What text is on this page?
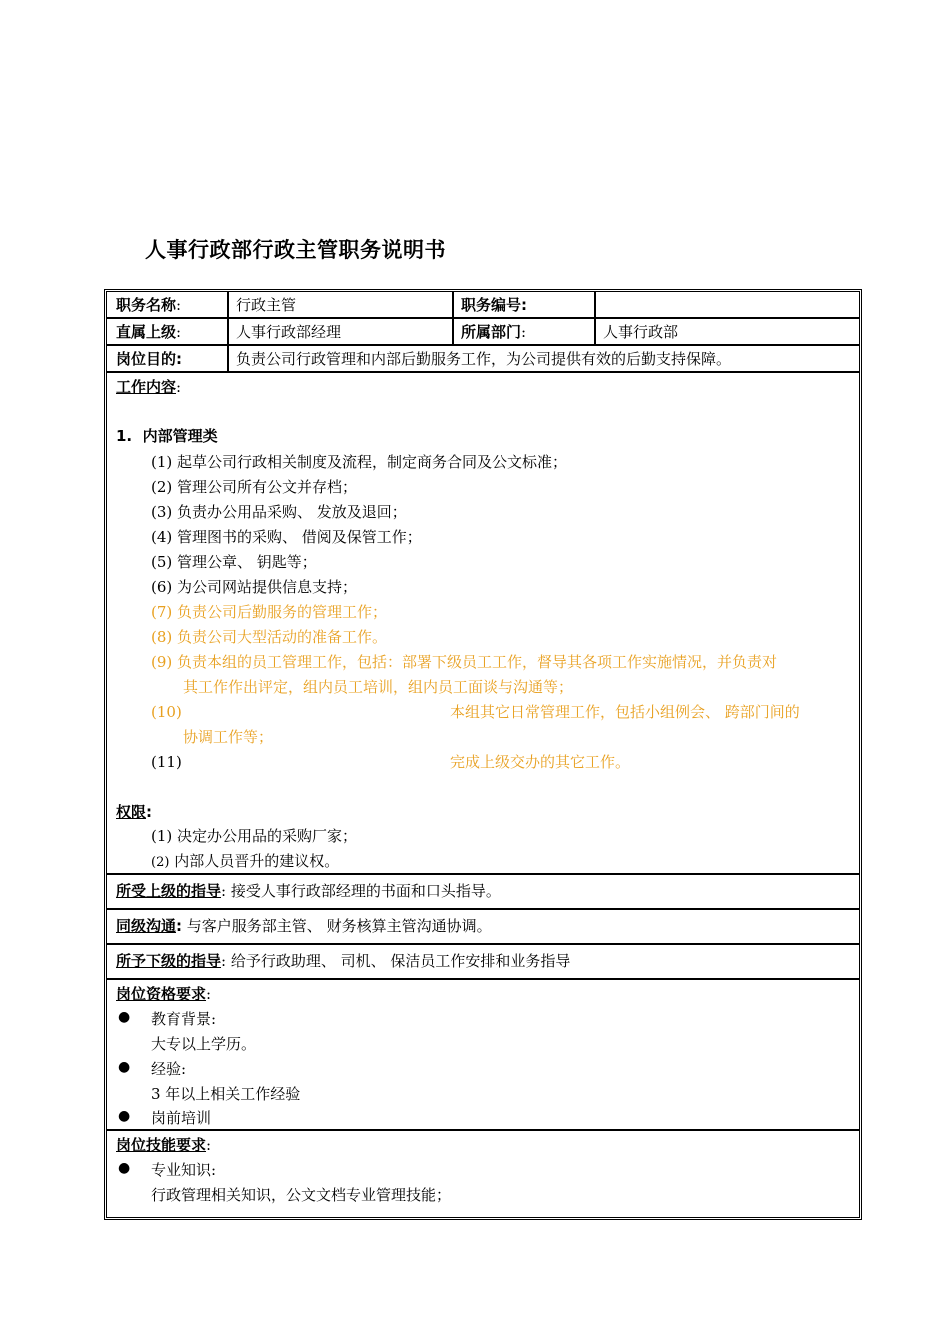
人事行政部行政主管职务说明书
职务名称:	行政主管	职务编号:
直属上级:	人事行政部经理	所属部门:	人事行政部
岗位目的:	负责公司行政管理和内部后勤服务工作，为公司提供有效的后勤支持保障。
工作内容:
1. 内部管理类
(1) 起草公司行政相关制度及流程，制定商务合同及公文标准；
(2) 管理公司所有公文并存档；
(3) 负责办公用品采购、 发放及退回；
(4) 管理图书的采购、 借阅及保管工作；
(5) 管理公章、 钥匙等；
(6) 为公司网站提供信息支持；
(7) 负责公司后勤服务的管理工作；
(8) 负责公司大型活动的准备工作。
(9) 负责本组的员工管理工作，包括：部署下级员工工作，督导其各项工作实施情况，并负责对
其工作作出评定，组内员工培训，组内员工面谈与沟通等；
(10)	本组其它日常管理工作，包括小组例会、 跨部门间的
协调工作等；
(11)	完成上级交办的其它工作。
权限:
(1) 决定办公用品的采购厂家；
(2) 内部人员晋升的建议权。
所受上级的指导: 接受人事行政部经理的书面和口头指导。
同级沟通: 与客户服务部主管、 财务核算主管沟通协调。
所予下级的指导: 给予行政助理、 司机、 保洁员工作安排和业务指导
岗位资格要求:
● 教育背景:
大专以上学历。
● 经验:
3 年以上相关工作经验
● 岗前培训
岗位技能要求:
● 专业知识:
行政管理相关知识，公文文档专业管理技能；
